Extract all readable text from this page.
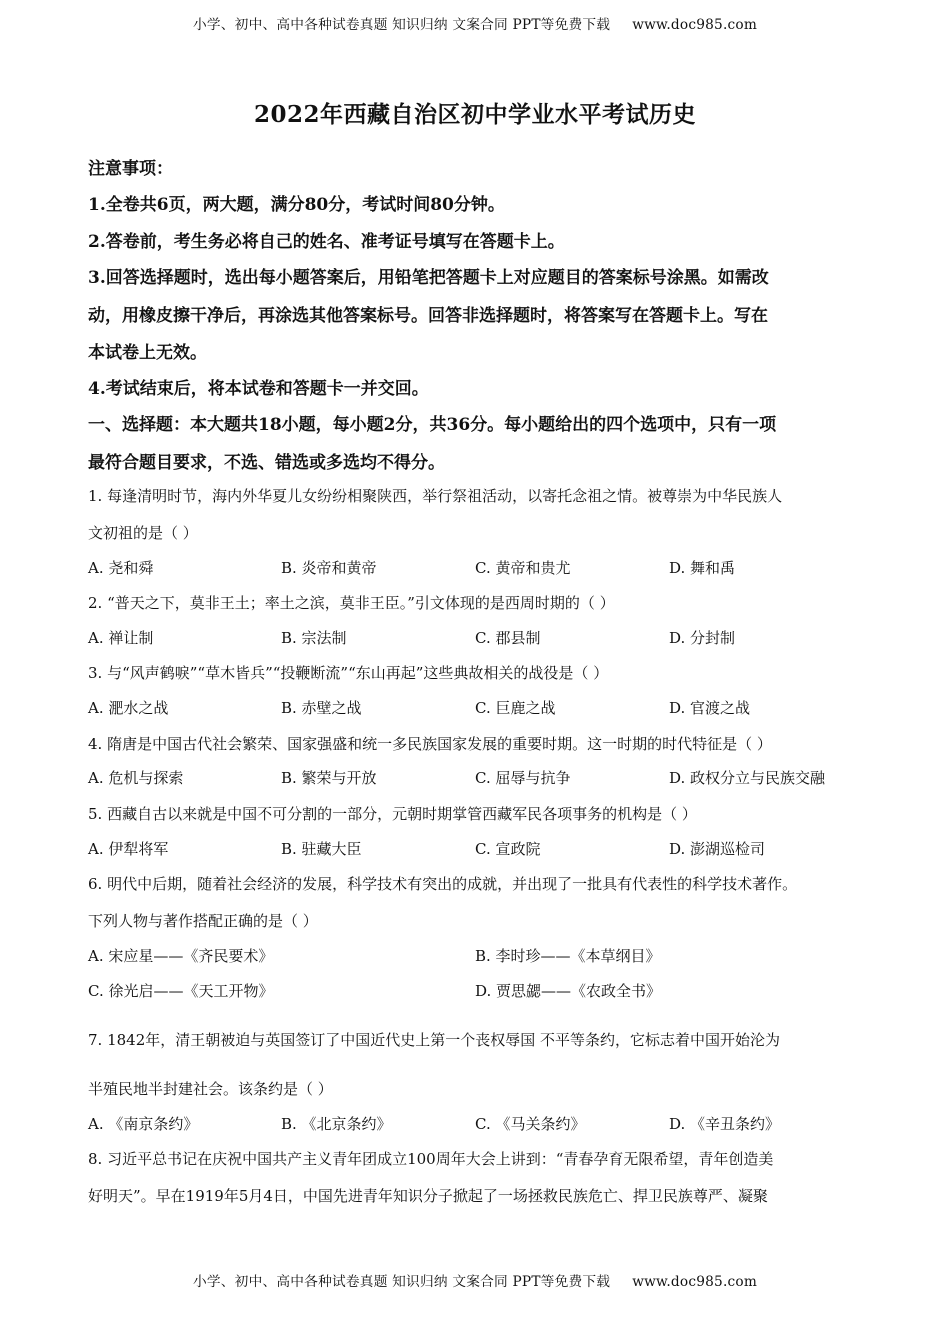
小学、初中、高中各种试卷真题 知识归纳 文案合同 PPT等免费下载 www.doc985.com
2022年西藏自治区初中学业水平考试历史
注意事项：
1.全卷共6页，两大题，满分80分，考试时间80分钟。
2.答卷前，考生务必将自己的姓名、准考证号填写在答题卡上。
3.回答选择题时，选出每小题答案后，用铅笔把答题卡上对应题目的答案标号涂黑。如需改
动，用橡皮擦干净后，再涂选其他答案标号。回答非选择题时，将答案写在答题卡上。写在
本试卷上无效。
4.考试结束后，将本试卷和答题卡一并交回。
一、选择题：本大题共18小题，每小题2分，共36分。每小题给出的四个选项中，只有一项
最符合题目要求，不选、错选或多选均不得分。
1. 每逢清明时节，海内外华夏儿女纷纷相聚陕西，举行祭祖活动，以寄托念祖之情。被尊崇为中华民族人
文初祖的是（ ）
A. 尧和舜	B. 炎帝和黄帝	C. 黄帝和贵尤	D. 舞和禹
2. “普天之下，莫非王土；率土之滨，莫非王臣。”引文体现的是西周时期的（ ）
A. 禅让制	B. 宗法制	C. 郡县制	D. 分封制
3. 与“风声鹤唳”“草木皆兵”“投鞭断流”“东山再起”这些典故相关的战役是（ ）
A. 淝水之战	B. 赤壁之战	C. 巨鹿之战	D. 官渡之战
4. 隋唐是中国古代社会繁荣、国家强盛和统一多民族国家发展的重要时期。这一时期的时代特征是（ ）
A. 危机与探索	B. 繁荣与开放	C. 屈辱与抗争	D. 政权分立与民族交融
5. 西藏自古以来就是中国不可分割的一部分，元朝时期掌管西藏军民各项事务的机构是（ ）
A. 伊犁将军	B. 驻藏大臣	C. 宣政院	D. 澎湖巡检司
6. 明代中后期，随着社会经济的发展，科学技术有突出的成就，并出现了一批具有代表性的科学技术著作。
下列人物与著作搭配正确的是（ ）
A. 宋应星——《齐民要术》	B. 李时珍——《本草纲目》
C. 徐光启——《天工开物》	D. 贾思勰——《农政全书》
7. 1842年，清王朝被迫与英国签订了中国近代史上第一个丧权辱国 不平等条约，它标志着中国开始沦为
半殖民地半封建社会。该条约是（ ）
A. 《南京条约》	B. 《北京条约》	C. 《马关条约》	D. 《辛丑条约》
8. 习近平总书记在庆祝中国共产主义青年团成立100周年大会上讲到：“青春孕育无限希望，青年创造美
好明天”。早在1919年5月4日，中国先进青年知识分子掀起了一场拯救民族危亡、捍卫民族尊严、凝聚
小学、初中、高中各种试卷真题 知识归纳 文案合同 PPT等免费下载 www.doc985.com
